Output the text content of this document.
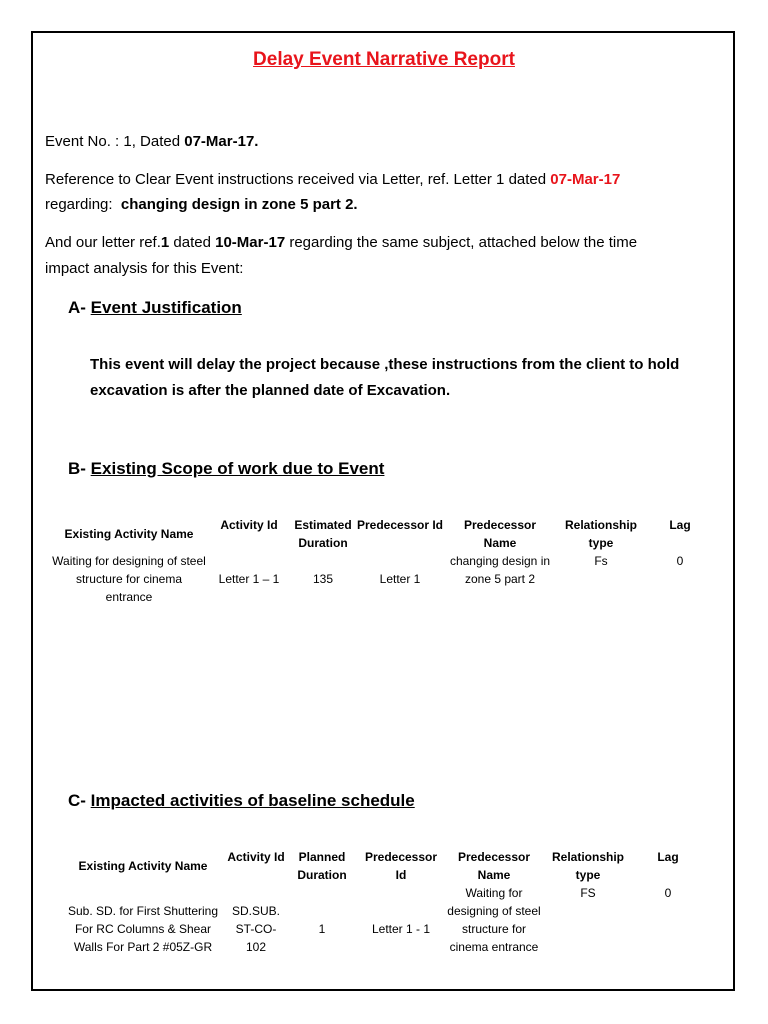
Delay Event Narrative Report
Event No. : 1, Dated 07-Mar-17.
Reference to Clear Event instructions received via Letter, ref. Letter 1 dated 07-Mar-17
regarding: changing design in zone 5 part 2.
And our letter ref.1 dated 10-Mar-17 regarding the same subject, attached below the time
impact analysis for this Event:
A- Event Justification
This event will delay the project because ,these instructions from the client to hold
excavation is after the planned date of Excavation.
B- Existing Scope of work due to Event
Existing Activity Name	Activity Id	Estimated Duration	Predecessor Id	Predecessor Name	Relationship type	Lag
Waiting for designing of steel structure for cinema entrance	Letter 1 – 1	135	Letter 1	changing design in zone 5 part 2	Fs	0
C- Impacted activities of baseline schedule
Existing Activity Name	Activity Id	Planned Duration	Predecessor Id	Predecessor Name	Relationship type	Lag
Sub. SD. for First Shuttering For RC Columns & Shear Walls For Part 2 #05Z-GR	SD.SUB. ST-CO- 102	1	Letter 1 - 1	Waiting for designing of steel structure for cinema entrance	FS	0
